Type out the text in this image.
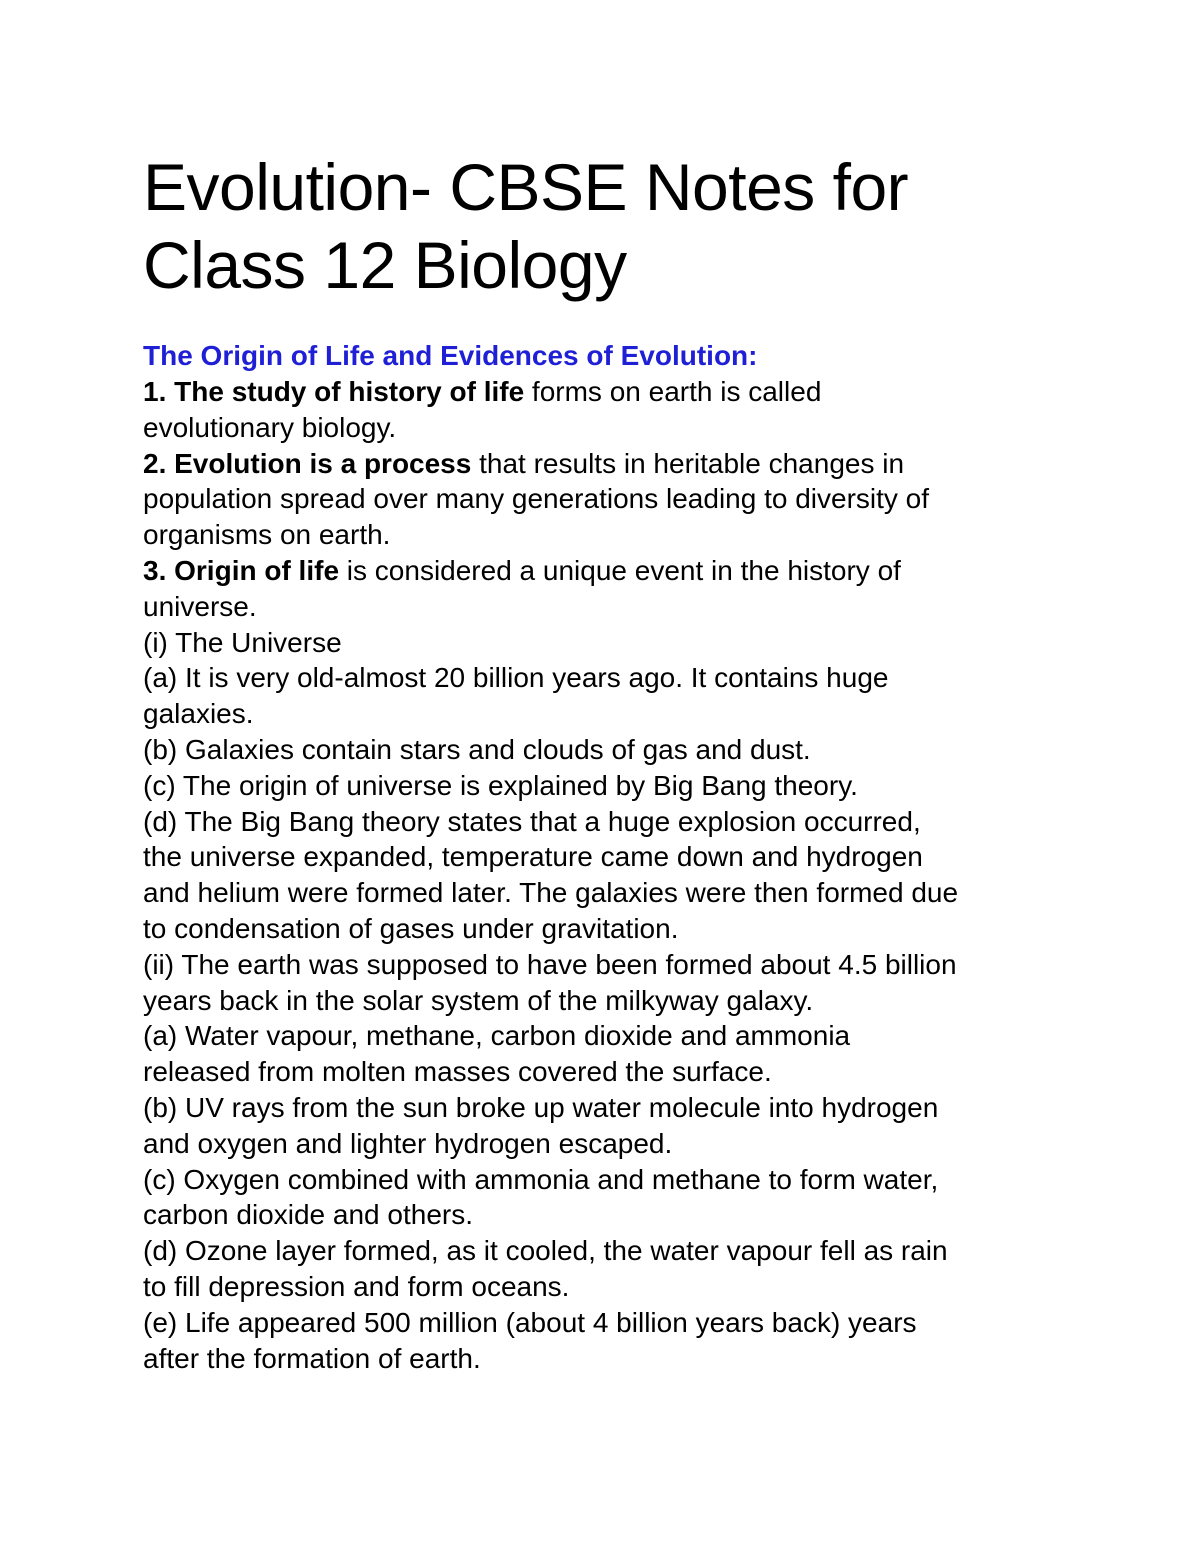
Evolution- CBSE Notes for
Class 12 Biology
The Origin of Life and Evidences of Evolution:
1. The study of history of life forms on earth is called
evolutionary biology.
2. Evolution is a process that results in heritable changes in
population spread over many generations leading to diversity of
organisms on earth.
3. Origin of life is considered a unique event in the history of
universe.
(i) The Universe
(a) It is very old-almost 20 billion years ago. It contains huge
galaxies.
(b) Galaxies contain stars and clouds of gas and dust.
(c) The origin of universe is explained by Big Bang theory.
(d) The Big Bang theory states that a huge explosion occurred,
the universe expanded, temperature came down and hydrogen
and helium were formed later. The galaxies were then formed due
to condensation of gases under gravitation.
(ii) The earth was supposed to have been formed about 4.5 billion
years back in the solar system of the milkyway galaxy.
(a) Water vapour, methane, carbon dioxide and ammonia
released from molten masses covered the surface.
(b) UV rays from the sun broke up water molecule into hydrogen
and oxygen and lighter hydrogen escaped.
(c) Oxygen combined with ammonia and methane to form water,
carbon dioxide and others.
(d) Ozone layer formed, as it cooled, the water vapour fell as rain
to fill depression and form oceans.
(e) Life appeared 500 million (about 4 billion years back) years
after the formation of earth.
